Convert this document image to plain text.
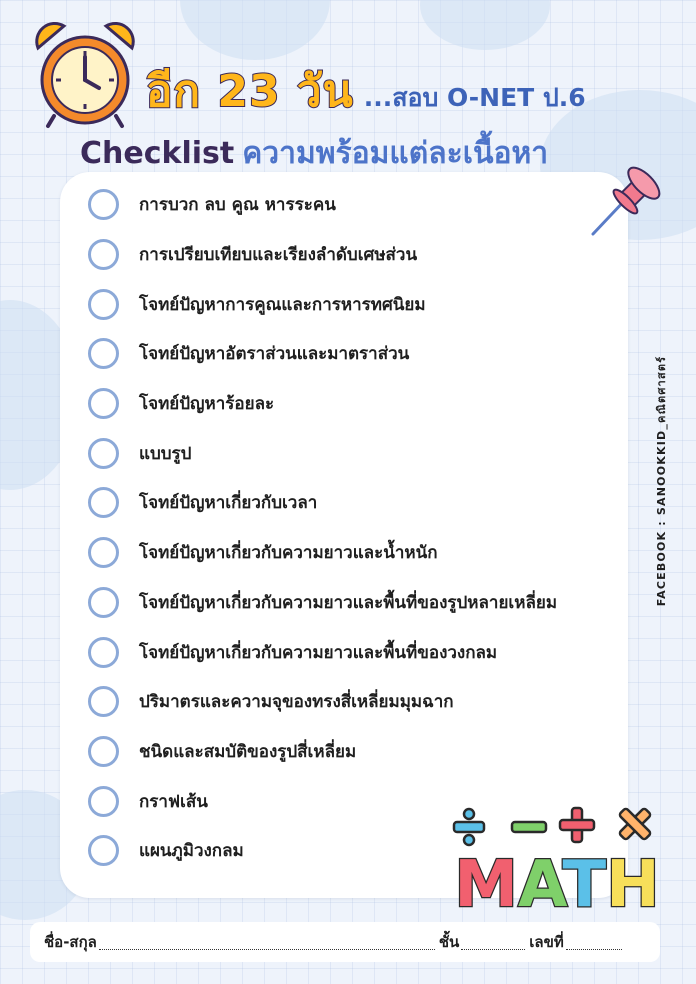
อีก 23 วัน ...สอบ O-NET ป.6
Checklist ความพร้อมแต่ละเนื้อหา
การบวก ลบ คูณ หารระคน
การเปรียบเทียบและเรียงลำดับเศษส่วน
โจทย์ปัญหาการคูณและการหารทศนิยม
โจทย์ปัญหาอัตราส่วนและมาตราส่วน
โจทย์ปัญหาร้อยละ
แบบรูป
โจทย์ปัญหาเกี่ยวกับเวลา
โจทย์ปัญหาเกี่ยวกับความยาวและน้ำหนัก
โจทย์ปัญหาเกี่ยวกับความยาวและพื้นที่ของรูปหลายเหลี่ยม
โจทย์ปัญหาเกี่ยวกับความยาวและพื้นที่ของวงกลม
ปริมาตรและความจุของทรงสี่เหลี่ยมมุมฉาก
ชนิดและสมบัติของรูปสี่เหลี่ยม
กราฟเส้น
แผนภูมิวงกลม
FACEBOOK : SANOOKKID_คณิตศาสตร์
MATH
ชื่อ-สกุล	ชั้น	เลขที่
